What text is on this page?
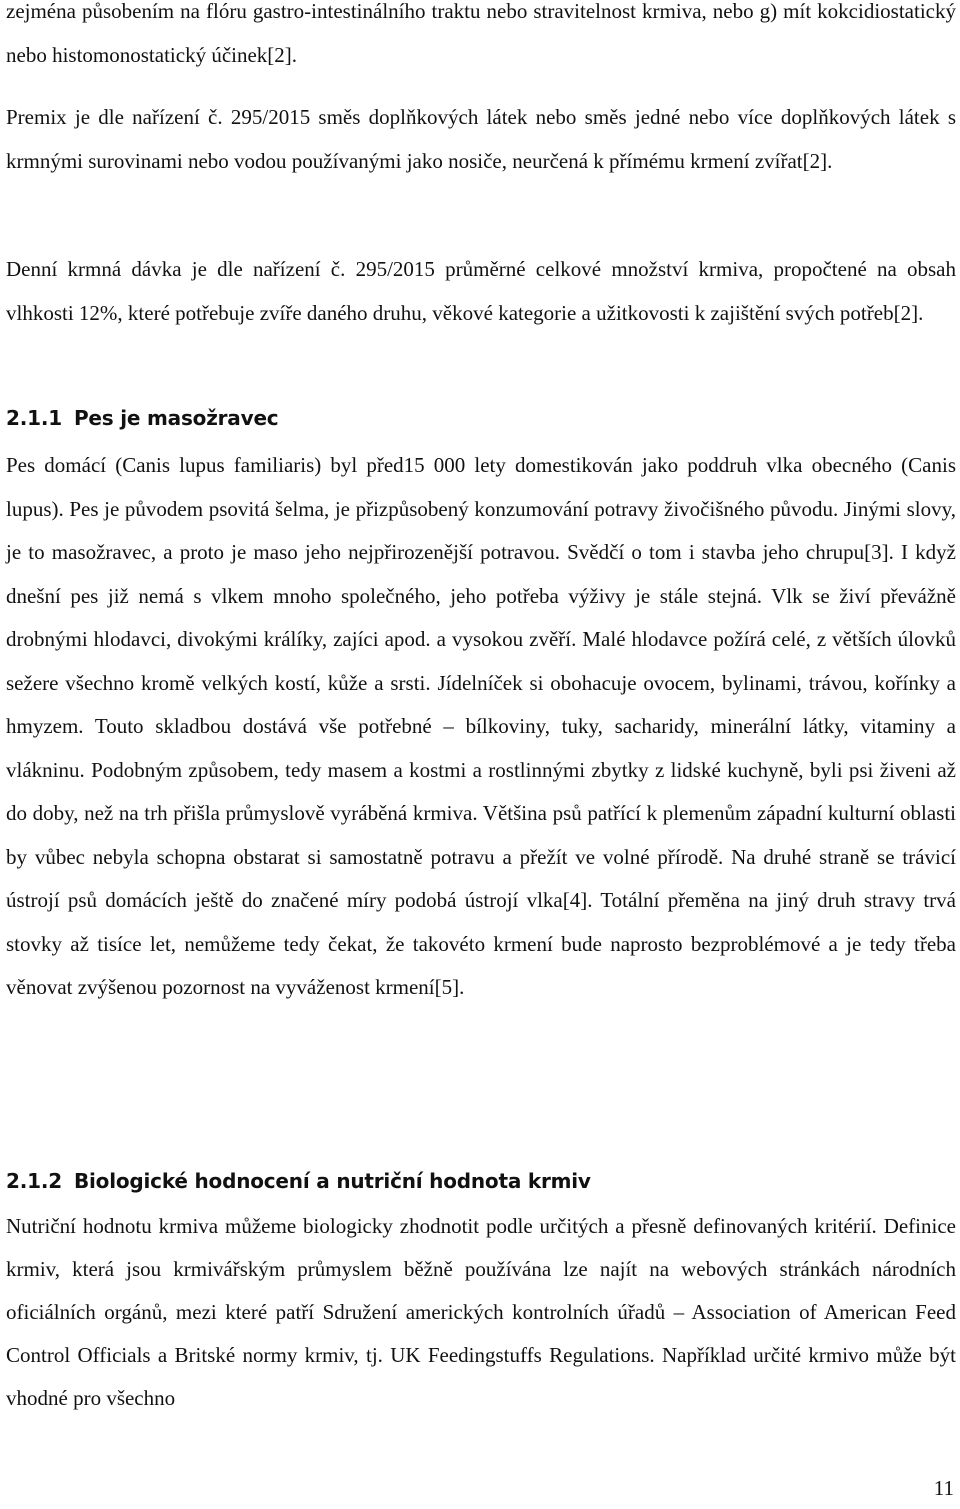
zejména působením na flóru gastro-intestinálního traktu nebo stravitelnost krmiva, nebo g) mít kokcidiostatický nebo histomonostatický účinek[2].

Premix je dle nařízení č. 295/2015 směs doplňkových látek nebo směs jedné nebo více doplňkových látek s krmnými surovinami nebo vodou používanými jako nosiče, neurčená k přímému krmení zvířat[2].

Denní krmná dávka je dle nařízení č. 295/2015 průměrné celkové množství krmiva, propočtené na obsah vlhkosti 12%, které potřebuje zvíře daného druhu, věkové kategorie a užitkovosti k zajištění svých potřeb[2].

2.1.1 Pes je masožravec

Pes domácí (Canis lupus familiaris) byl před15 000 lety domestikován jako poddruh vlka obecného (Canis lupus). Pes je původem psovitá šelma, je přizpůsobený konzumování potravy živočišného původu. Jinými slovy, je to masožravec, a proto je maso jeho nejpřirozenější potravou. Svědčí o tom i stavba jeho chrupu[3]. I když dnešní pes již nemá s vlkem mnoho společného, jeho potřeba výživy je stále stejná. Vlk se živí převážně drobnými hlodavci, divokými králíky, zajíci apod. a vysokou zvěří. Malé hlodavce požírá celé, z větších úlovků sežere všechno kromě velkých kostí, kůže a srsti. Jídelníček si obohacuje ovocem, bylinami, trávou, kořínky a hmyzem. Touto skladbou dostává vše potřebné – bílkoviny, tuky, sacharidy, minerální látky, vitaminy a vlákninu. Podobným způsobem, tedy masem a kostmi a rostlinnými zbytky z lidské kuchyně, byli psi živeni až do doby, než na trh přišla průmyslově vyráběná krmiva. Většina psů patřící k plemenům západní kulturní oblasti by vůbec nebyla schopna obstarat si samostatně potravu a přežít ve volné přírodě. Na druhé straně se trávicí ústrojí psů domácích ještě do značené míry podobá ústrojí vlka[4]. Totální přeměna na jiný druh stravy trvá stovky až tisíce let, nemůžeme tedy čekat, že takovéto krmení bude naprosto bezproblémové a je tedy třeba věnovat zvýšenou pozornost na vyváženost krmení[5].

2.1.2 Biologické hodnocení a nutriční hodnota krmiv

Nutriční hodnotu krmiva můžeme biologicky zhodnotit podle určitých a přesně definovaných kritérií. Definice krmiv, která jsou krmivářským průmyslem běžně používána lze najít na webových stránkách národních oficiálních orgánů, mezi které patří Sdružení amerických kontrolních úřadů – Association of American Feed Control Officials a Britské normy krmiv, tj. UK Feedingstuffs Regulations. Například určité krmivo může být vhodné pro všechno

11
